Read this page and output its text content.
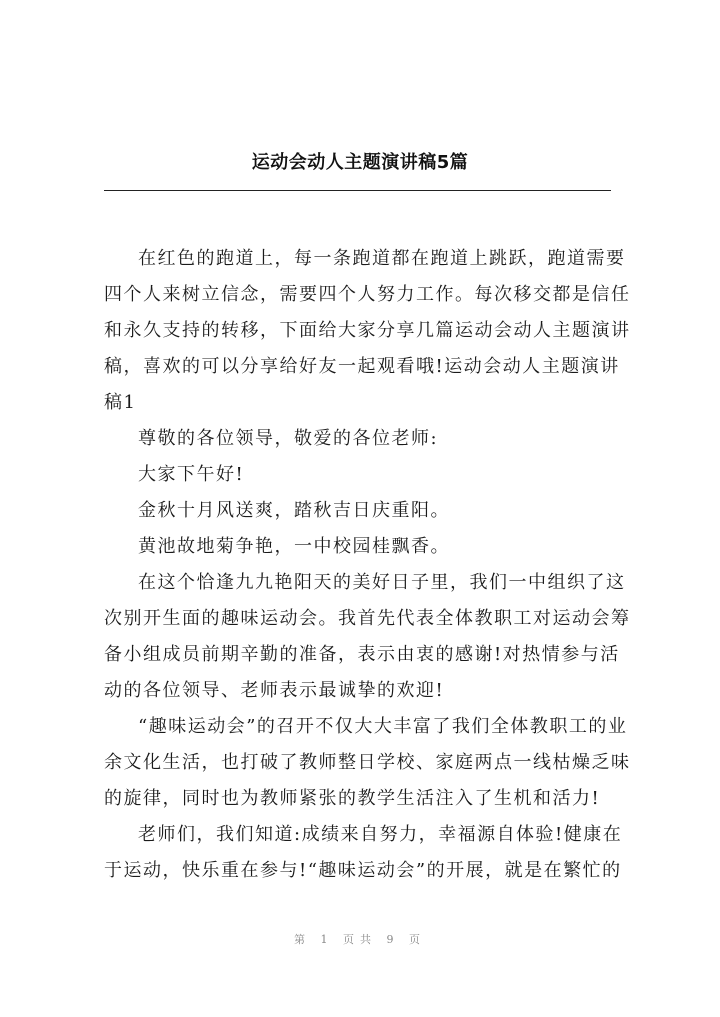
运动会动人主题演讲稿5篇

在红色的跑道上，每一条跑道都在跑道上跳跃，跑道需要四个人来树立信念，需要四个人努力工作。每次移交都是信任和永久支持的转移，下面给大家分享几篇运动会动人主题演讲稿，喜欢的可以分享给好友一起观看哦!运动会动人主题演讲稿1

尊敬的各位领导，敬爱的各位老师:

大家下午好!

金秋十月风送爽，踏秋吉日庆重阳。

黄池故地菊争艳，一中校园桂飘香。

在这个恰逢九九艳阳天的美好日子里，我们一中组织了这次别开生面的趣味运动会。我首先代表全体教职工对运动会筹备小组成员前期辛勤的准备，表示由衷的感谢!对热情参与活动的各位领导、老师表示最诚挚的欢迎!

“趣味运动会”的召开不仅大大丰富了我们全体教职工的业余文化生活，也打破了教师整日学校、家庭两点一线枯燥乏味的旋律，同时也为教师紧张的教学生活注入了生机和活力!

老师们，我们知道:成绩来自努力，幸福源自体验!健康在于运动，快乐重在参与!“趣味运动会”的开展，就是在繁忙的

第 1 页共 9 页
